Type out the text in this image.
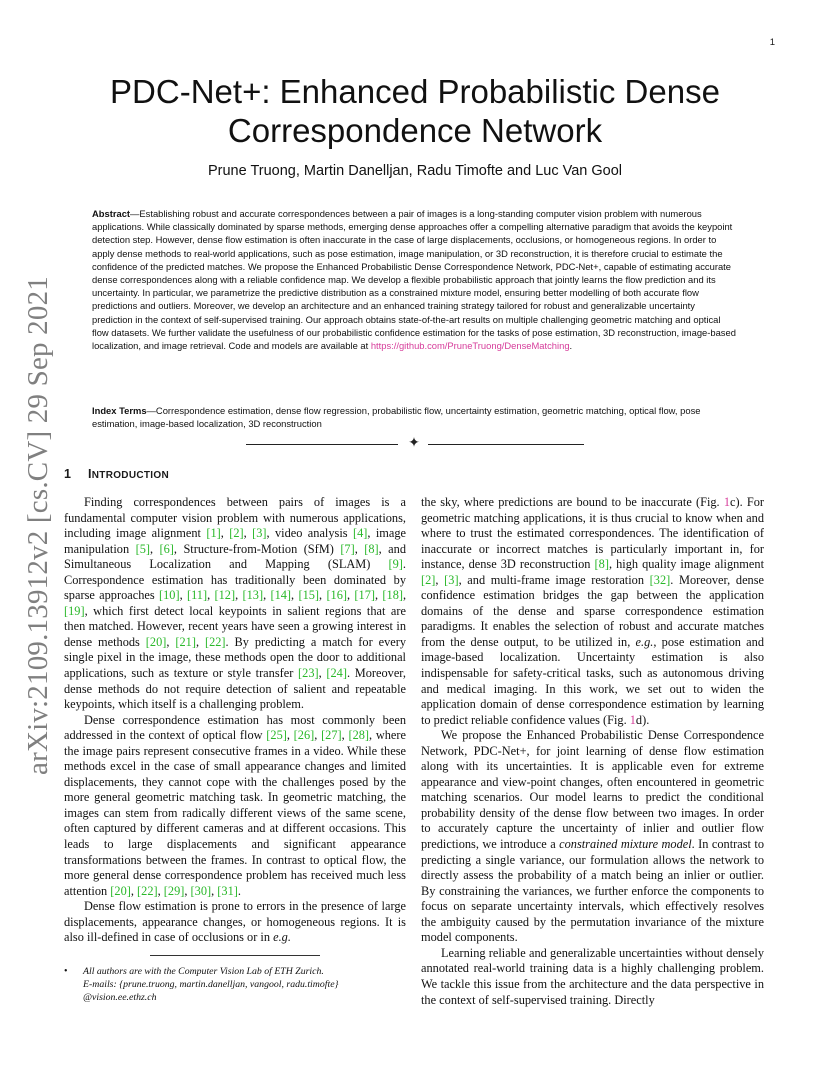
1
arXiv:2109.13912v2 [cs.CV] 29 Sep 2021
PDC-Net+: Enhanced Probabilistic Dense
Correspondence Network
Prune Truong, Martin Danelljan, Radu Timofte and Luc Van Gool

Abstract—Establishing robust and accurate correspondences between a pair of images is a long-standing computer vision problem with numerous applications. While classically dominated by sparse methods, emerging dense approaches offer a compelling alternative paradigm that avoids the keypoint detection step. However, dense flow estimation is often inaccurate in the case of large displacements, occlusions, or homogeneous regions. In order to apply dense methods to real-world applications, such as pose estimation, image manipulation, or 3D reconstruction, it is therefore crucial to estimate the confidence of the predicted matches. We propose the Enhanced Probabilistic Dense Correspondence Network, PDC-Net+, capable of estimating accurate dense correspondences along with a reliable confidence map. We develop a flexible probabilistic approach that jointly learns the flow prediction and its uncertainty. In particular, we parametrize the predictive distribution as a constrained mixture model, ensuring better modelling of both accurate flow predictions and outliers. Moreover, we develop an architecture and an enhanced training strategy tailored for robust and generalizable uncertainty prediction in the context of self-supervised training. Our approach obtains state-of-the-art results on multiple challenging geometric matching and optical flow datasets. We further validate the usefulness of our probabilistic confidence estimation for the tasks of pose estimation, 3D reconstruction, image-based localization, and image retrieval. Code and models are available at https://github.com/PruneTruong/DenseMatching.

Index Terms—Correspondence estimation, dense flow regression, probabilistic flow, uncertainty estimation, geometric matching, optical flow, pose estimation, image-based localization, 3D reconstruction

✦
1 INTRODUCTION

Finding correspondences between pairs of images is a fundamental computer vision problem with numerous applications, including image alignment [1], [2], [3], video analysis [4], image manipulation [5], [6], Structure-from-Motion (SfM) [7], [8], and Simultaneous Localization and Mapping (SLAM) [9]. Correspondence estimation has traditionally been dominated by sparse approaches [10], [11], [12], [13], [14], [15], [16], [17], [18], [19], which first detect local keypoints in salient regions that are then matched. However, recent years have seen a growing interest in dense methods [20], [21], [22]. By predicting a match for every single pixel in the image, these methods open the door to additional applications, such as texture or style transfer [23], [24]. Moreover, dense methods do not require detection of salient and repeatable keypoints, which itself is a challenging problem.

Dense correspondence estimation has most commonly been addressed in the context of optical flow [25], [26], [27], [28], where the image pairs represent consecutive frames in a video. While these methods excel in the case of small appearance changes and limited displacements, they cannot cope with the challenges posed by the more general geometric matching task. In geometric matching, the images can stem from radically different views of the same scene, often captured by different cameras and at different occasions. This leads to large displacements and significant appearance transformations between the frames. In contrast to optical flow, the more general dense correspondence problem has received much less attention [20], [22], [29], [30], [31].

Dense flow estimation is prone to errors in the presence of large displacements, appearance changes, or homogeneous regions. It is also ill-defined in case of occlusions or in e.g.

the sky, where predictions are bound to be inaccurate (Fig. 1c). For geometric matching applications, it is thus crucial to know when and where to trust the estimated correspondences. The identification of inaccurate or incorrect matches is particularly important in, for instance, dense 3D reconstruction [8], high quality image alignment [2], [3], and multi-frame image restoration [32]. Moreover, dense confidence estimation bridges the gap between the application domains of the dense and sparse correspondence estimation paradigms. It enables the selection of robust and accurate matches from the dense output, to be utilized in, e.g., pose estimation and image-based localization. Uncertainty estimation is also indispensable for safety-critical tasks, such as autonomous driving and medical imaging. In this work, we set out to widen the application domain of dense correspondence estimation by learning to predict reliable confidence values (Fig. 1d).

We propose the Enhanced Probabilistic Dense Correspondence Network, PDC-Net+, for joint learning of dense flow estimation along with its uncertainties. It is applicable even for extreme appearance and view-point changes, often encountered in geometric matching scenarios. Our model learns to predict the conditional probability density of the dense flow between two images. In order to accurately capture the uncertainty of inlier and outlier flow predictions, we introduce a constrained mixture model. In contrast to predicting a single variance, our formulation allows the network to directly assess the probability of a match being an inlier or outlier. By constraining the variances, we further enforce the components to focus on separate uncertainty intervals, which effectively resolves the ambiguity caused by the permutation invariance of the mixture model components.

Learning reliable and generalizable uncertainties without densely annotated real-world training data is a highly challenging problem. We tackle this issue from the architecture and the data perspective in the context of self-supervised training. Directly

• All authors are with the Computer Vision Lab of ETH Zurich.
E-mails: {prune.truong, martin.danelljan, vangool, radu.timofte}
@vision.ee.ethz.ch
